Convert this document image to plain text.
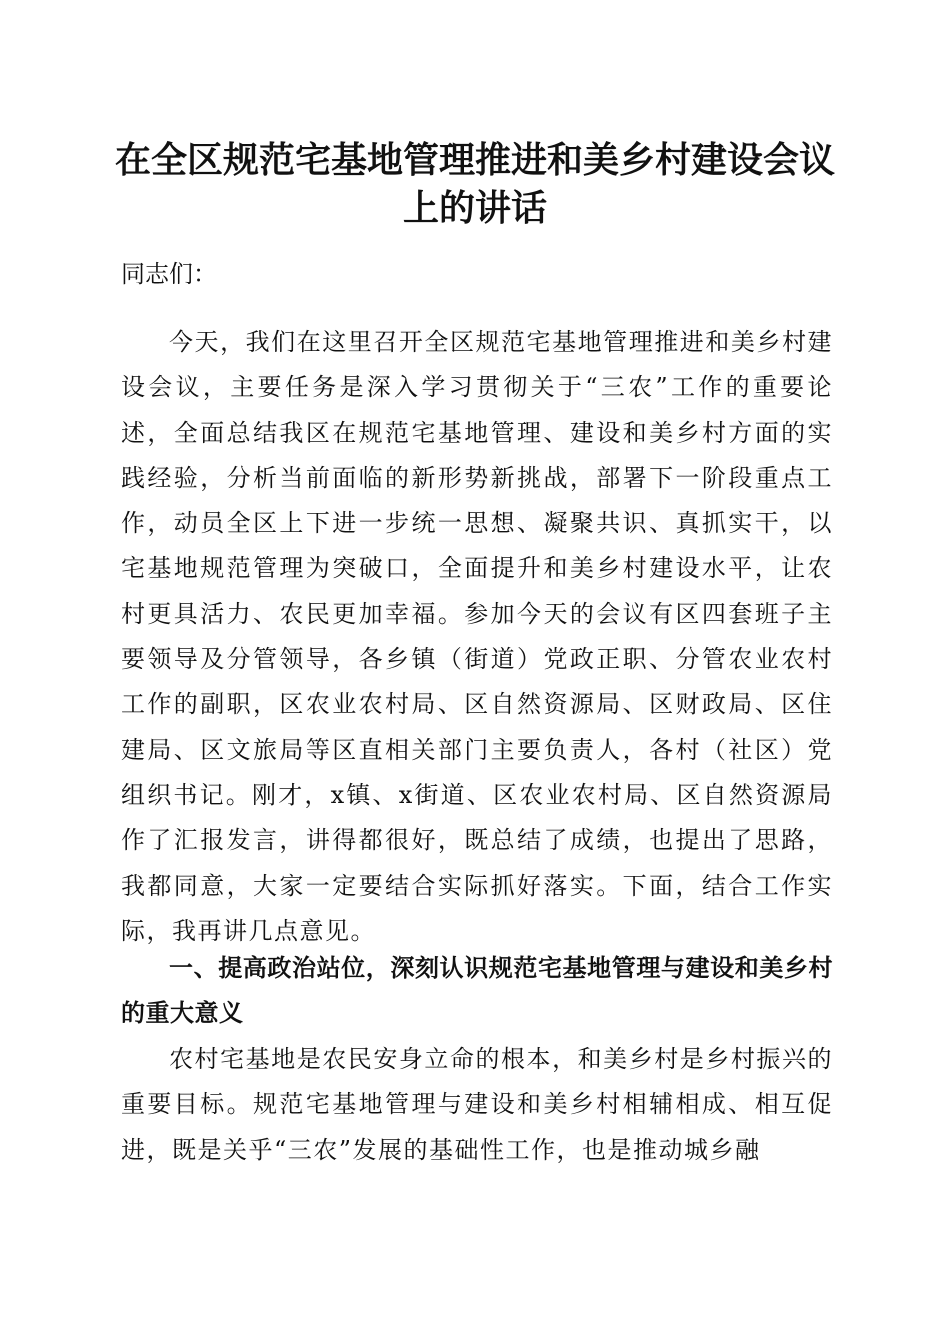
在全区规范宅基地管理推进和美乡村建设会议
上的讲话

同志们：

今天，我们在这里召开全区规范宅基地管理推进和美乡村建设会议，主要任务是深入学习贯彻关于“三农”工作的重要论述，全面总结我区在规范宅基地管理、建设和美乡村方面的实践经验，分析当前面临的新形势新挑战，部署下一阶段重点工作，动员全区上下进一步统一思想、凝聚共识、真抓实干，以宅基地规范管理为突破口，全面提升和美乡村建设水平，让农村更具活力、农民更加幸福。参加今天的会议有区四套班子主要领导及分管领导，各乡镇（街道）党政正职、分管农业农村工作的副职，区农业农村局、区自然资源局、区财政局、区住建局、区文旅局等区直相关部门主要负责人，各村（社区）党组织书记。刚才，x镇、x街道、区农业农村局、区自然资源局作了汇报发言，讲得都很好，既总结了成绩，也提出了思路，我都同意，大家一定要结合实际抓好落实。下面，结合工作实际，我再讲几点意见。

一、提高政治站位，深刻认识规范宅基地管理与建设和美乡村的重大意义

农村宅基地是农民安身立命的根本，和美乡村是乡村振兴的重要目标。规范宅基地管理与建设和美乡村相辅相成、相互促进，既是关乎“三农”发展的基础性工作，也是推动城乡融
